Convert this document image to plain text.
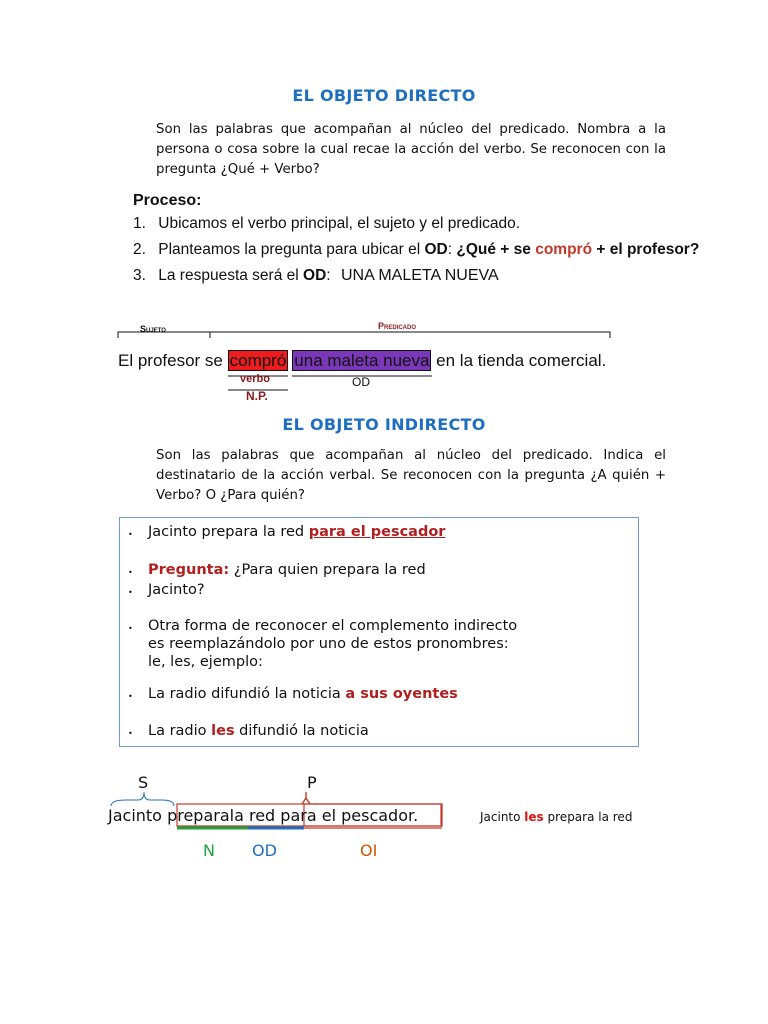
EL OBJETO DIRECTO
Son las palabras que acompañan al núcleo del predicado. Nombra a la persona o cosa sobre la cual recae la acción del verbo. Se reconocen con la pregunta ¿Qué + Verbo?
Proceso:
1. Ubicamos el verbo principal, el sujeto y el predicado.
2. Planteamos la pregunta para ubicar el OD: ¿Qué + se compró + el profesor?
3. La respuesta será el OD: UNA MALETA NUEVA
Sujeto	Predicado
El profesor se compró una maleta nueva en la tienda comercial.
verbo
N.P.
OD
EL OBJETO INDIRECTO
Son las palabras que acompañan al núcleo del predicado. Indica el destinatario de la acción verbal. Se reconocen con la pregunta ¿A quién + Verbo? O ¿Para quién?
• Jacinto prepara la red para el pescador
• Pregunta: ¿Para quien prepara la red
• Jacinto?
• Otra forma de reconocer el complemento indirecto
es reemplazándolo por uno de estos pronombres:
le, les, ejemplo:
• La radio difundió la noticia a sus oyentes
• La radio les difundió la noticia
S	P
Jacinto preparala red para el pescador.
N OD	OI
Jacinto les prepara la red
